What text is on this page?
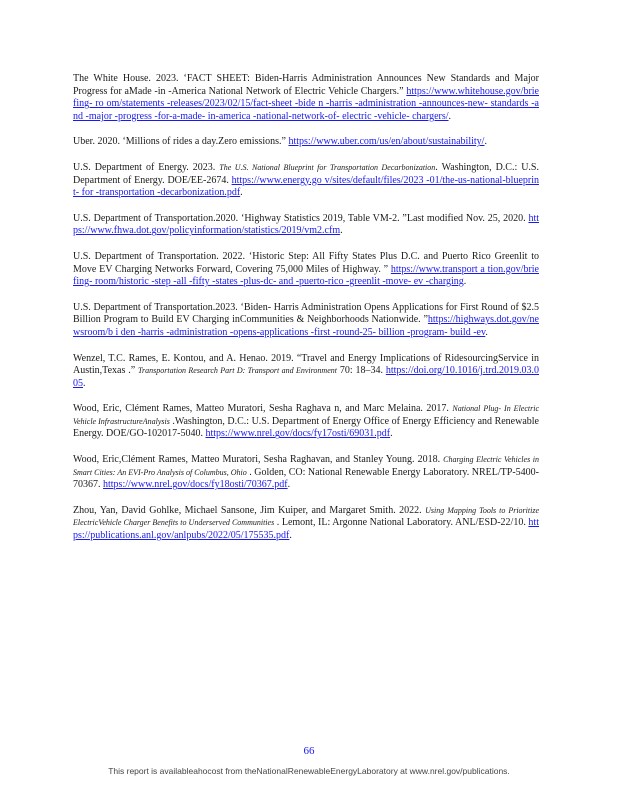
The White House. 2023. ‘FACT SHEET: Biden-Harris Administration Announces New Standards and Major Progress for aMade -in -America National Network of Electric Vehicle Chargers.” https://www.whitehouse.gov/briefing- ro om/statements -releases/2023/02/15/fact-sheet -bide n -harris -administration -announces-new- standards -and -major -progress -for-a-made- in-america -national-network-of- electric -vehicle- chargers/.

Uber. 2020. ‘Millions of rides a day.Zero emissions.” https://www.uber.com/us/en/about/sustainability/.

U.S. Department of Energy. 2023. The U.S. National Blueprint for Transportation Decarbonization. Washington, D.C.: U.S. Department of Energy. DOE/EE-2674. https://www.energy.go v/sites/default/files/2023 -01/the-us-national-blueprint- for -transportation -decarbonization.pdf.

U.S. Department of Transportation.2020. ‘Highway Statistics 2019, Table VM-2. ”Last modified Nov. 25, 2020. https://www.fhwa.dot.gov/policyinformation/statistics/2019/vm2.cfm.

U.S. Department of Transportation. 2022. ‘Historic Step: All Fifty States Plus D.C. and Puerto Rico Greenlit to Move EV Charging Networks Forward, Covering 75,000 Miles of Highway. ” https://www.transport a tion.gov/briefing- room/historic -step -all -fifty -states -plus-dc- and -puerto-rico -greenlit -move- ev -charging.

U.S. Department of Transportation.2023. ‘Biden- Harris Administration Opens Applications for First Round of $2.5 Billion Program to Build EV Charging inCommunities & Neighborhoods Nationwide. ”https://highways.dot.gov/newsroom/b i den -harris -administration -opens-applications -first -round-25- billion -program- build -ev.

Wenzel, T.C. Rames, E. Kontou, and A. Henao. 2019. “Travel and Energy Implications of RidesourcingService in Austin,Texas .” Transportation Research Part D: Transport and Environment 70: 18–34. https://doi.org/10.1016/j.trd.2019.03.005.

Wood, Eric, Clément Rames, Matteo Muratori, Sesha Raghava n, and Marc Melaina. 2017. National Plug- In Electric Vehicle InfrastructureAnalysis .Washington, D.C.: U.S. Department of Energy Office of Energy Efficiency and Renewable Energy. DOE/GO-102017-5040. https://www.nrel.gov/docs/fy17osti/69031.pdf.

Wood, Eric,Clément Rames, Matteo Muratori, Sesha Raghavan, and Stanley Young. 2018. Charging Electric Vehicles in Smart Cities: An EVI-Pro Analysis of Columbus, Ohio . Golden, CO: National Renewable Energy Laboratory. NREL/TP-5400-70367. https://www.nrel.gov/docs/fy18osti/70367.pdf.

Zhou, Yan, David Gohlke, Michael Sansone, Jim Kuiper, and Margaret Smith. 2022. Using Mapping Tools to Prioritize ElectricVehicle Charger Benefits to Underserved Communities . Lemont, IL: Argonne National Laboratory. ANL/ESD-22/10. https://publications.anl.gov/anlpubs/2022/05/175535.pdf.

66
This report is availableahocost from theNationalRenewableEnergyLaboratory at www.nrel.gov/publications.
